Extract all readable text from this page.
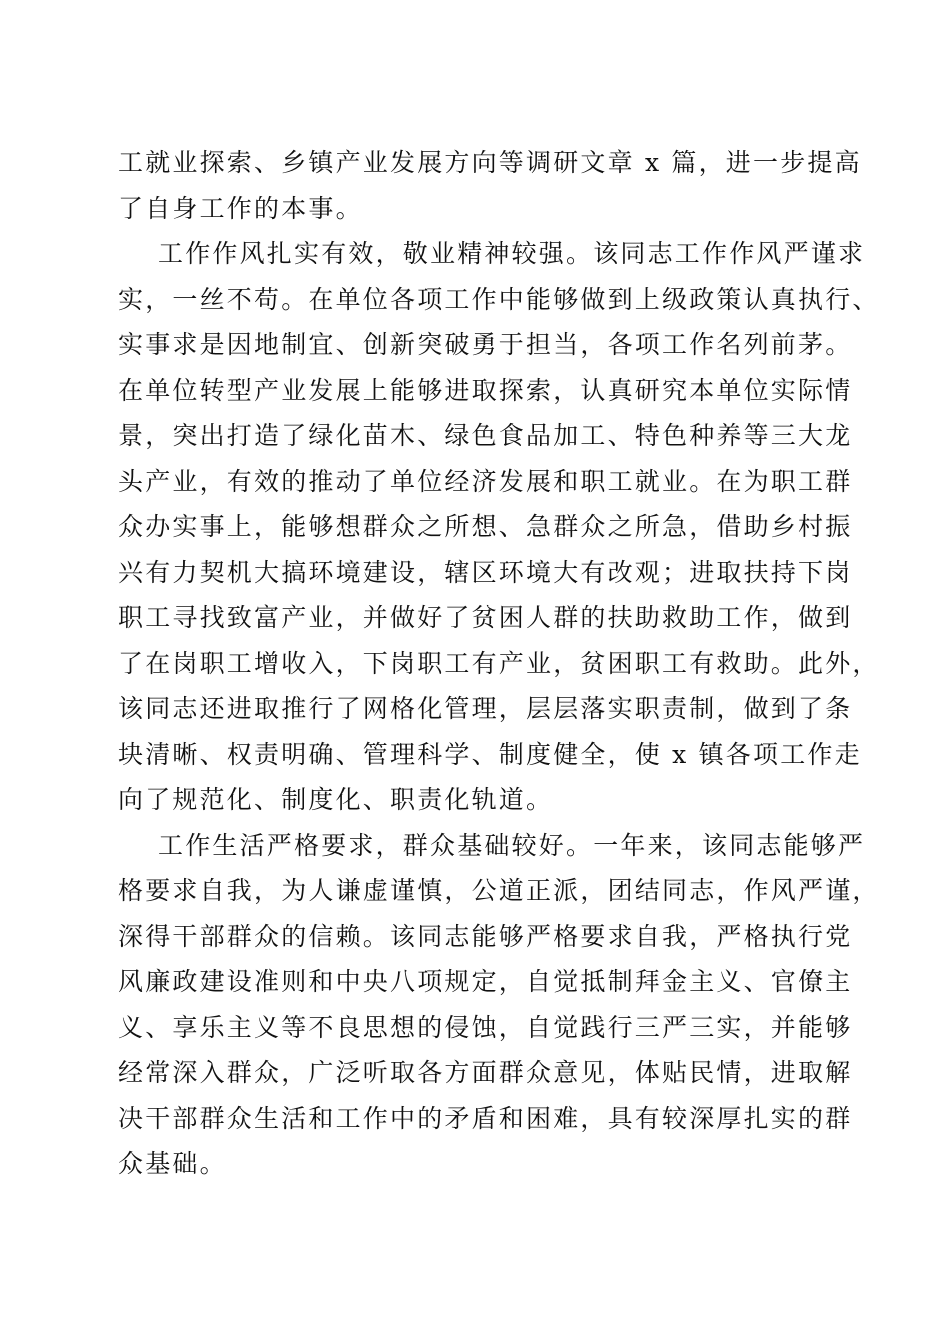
工就业探索、乡镇产业发展方向等调研文章 x 篇，进一步提高
了自身工作的本事。
工作作风扎实有效，敬业精神较强。该同志工作作风严谨求
实，一丝不苟。在单位各项工作中能够做到上级政策认真执行、
实事求是因地制宜、创新突破勇于担当，各项工作名列前茅。
在单位转型产业发展上能够进取探索，认真研究本单位实际情
景，突出打造了绿化苗木、绿色食品加工、特色种养等三大龙
头产业，有效的推动了单位经济发展和职工就业。在为职工群
众办实事上，能够想群众之所想、急群众之所急，借助乡村振
兴有力契机大搞环境建设，辖区环境大有改观；进取扶持下岗
职工寻找致富产业，并做好了贫困人群的扶助救助工作，做到
了在岗职工增收入，下岗职工有产业，贫困职工有救助。此外，
该同志还进取推行了网格化管理，层层落实职责制，做到了条
块清晰、权责明确、管理科学、制度健全，使 x 镇各项工作走
向了规范化、制度化、职责化轨道。
工作生活严格要求，群众基础较好。一年来，该同志能够严
格要求自我，为人谦虚谨慎，公道正派，团结同志，作风严谨，
深得干部群众的信赖。该同志能够严格要求自我，严格执行党
风廉政建设准则和中央八项规定，自觉抵制拜金主义、官僚主
义、享乐主义等不良思想的侵蚀，自觉践行三严三实，并能够
经常深入群众，广泛听取各方面群众意见，体贴民情，进取解
决干部群众生活和工作中的矛盾和困难，具有较深厚扎实的群
众基础。
